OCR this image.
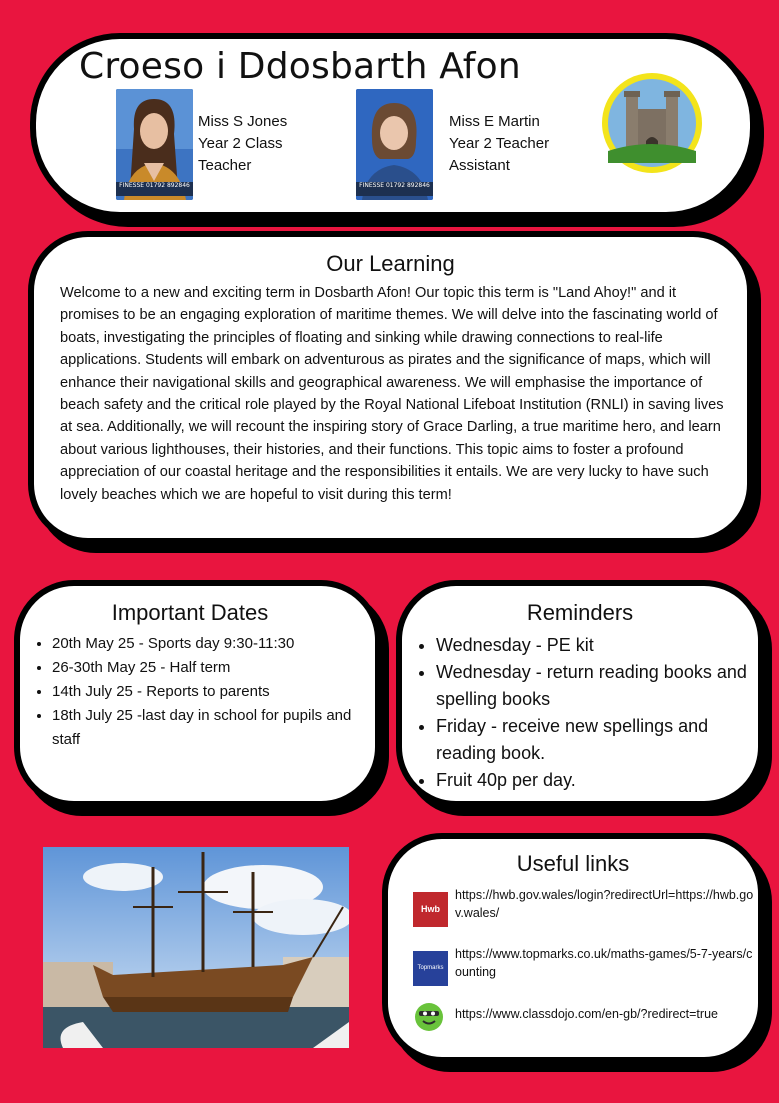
Croeso i Ddosbarth Afon
FINESSE 01792 892846
Miss S Jones
Year 2 Class
Teacher
FINESSE 01792 892846
Miss E Martin
Year 2 Teacher
Assistant
Our Learning

Welcome to a new and exciting term in Dosbarth Afon! Our topic this term is "Land Ahoy!" and it promises to be an engaging exploration of maritime themes. We will delve into the fascinating world of boats, investigating the principles of floating and sinking while drawing connections to real-life applications. Students will embark on adventurous as pirates and the significance of maps, which will enhance their navigational skills and geographical awareness. We will emphasise the importance of beach safety and the critical role played by the Royal National Lifeboat Institution (RNLI) in saving lives at sea. Additionally, we will recount the inspiring story of Grace Darling, a true maritime hero, and learn about various lighthouses, their histories, and their functions. This topic aims to foster a profound appreciation of our coastal heritage and the responsibilities it entails. We are very lucky to have such lovely beaches which we are hopeful to visit during this term!

Important Dates
• 20th May 25 - Sports day 9:30-11:30
• 26-30th May 25 - Half term
• 14th July 25 - Reports to parents
• 18th July 25 -last day in school for pupils and staff
Reminders
• Wednesday - PE kit
• Wednesday - return reading books and spelling books
• Friday - receive new spellings and reading book.
• Fruit 40p per day.
Useful links
Hwb
https://hwb.gov.wales/login?redirectUrl=https://hwb.gov.wales/
Topmarks
https://www.topmarks.co.uk/maths-games/5-7-years/counting
https://www.classdojo.com/en-gb/?redirect=true
